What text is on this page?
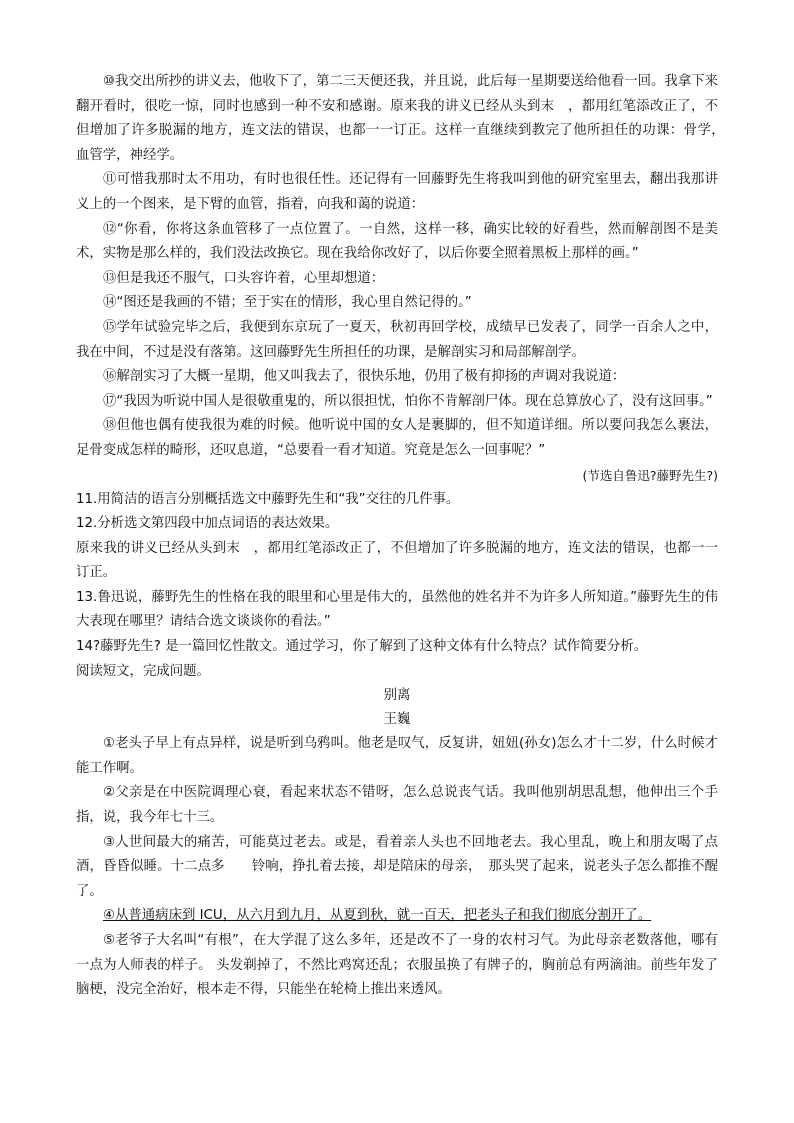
⑩我交出所抄的讲义去，他收下了，第二三天便还我，并且说，此后每一星期要送给他看一回。我拿下来翻开看时，很吃一惊，同时也感到一种不安和感谢。原来我的讲义已经从头到末　，都用红笔添改正了，不但增加了许多脱漏的地方，连文法的错误，也都一一订正。这样一直继续到教完了他所担任的功课：骨学，　血管学，神经学。

⑪可惜我那时太不用功，有时也很任性。还记得有一回藤野先生将我叫到他的研究室里去，翻出我那讲义上的一个图来，是下臂的血管，指着，向我和蔼的说道：

⑫“你看，你将这条血管移了一点位置了。一自然，这样一移，确实比较的好看些，然而解剖图不是美术，实物是那么样的，我们没法改换它。现在我给你改好了，以后你要全照着黑板上那样的画。”

⑬但是我还不服气，口头容许着，心里却想道：

⑭“图还是我画的不错；至于实在的情形，我心里自然记得的。”

⑮学年试验完毕之后，我便到东京玩了一夏天，秋初再回学校，成绩早已发表了，同学一百余人之中，我在中间，不过是没有落第。这回藤野先生所担任的功课，是解剖实习和局部解剖学。

⑯解剖实习了大概一星期，他又叫我去了，很快乐地，仍用了极有抑扬的声调对我说道：

⑰“我因为听说中国人是很敬重鬼的，所以很担忧，怕你不肯解剖尸体。现在总算放心了，没有这回事。”

⑱但他也偶有使我很为难的时候。他听说中国的女人是裹脚的，但不知道详细。所以要问我怎么裹法，足骨变成怎样的畸形，还叹息道，“总要看一看才知道。究竟是怎么一回事呢？”

(节选自鲁迅?藤野先生?)

11.用简洁的语言分别概括选文中藤野先生和“我”交往的几件事。

12.分析选文第四段中加点词语的表达效果。

原来我的讲义已经从头到末　，都用红笔添改正了，不但增加了许多脱漏的地方，连文法的错误，也都一一订正。

13.鲁迅说，藤野先生的性格在我的眼里和心里是伟大的，虽然他的姓名并不为许多人所知道。”藤野先生的伟大表现在哪里？请结合选文谈谈你的看法。”

14?藤野先生? 是一篇回忆性散文。通过学习，你了解到了这种文体有什么特点？试作简要分析。

阅读短文，完成问题。

别离

王巍

①老头子早上有点异样，说是听到乌鸦叫。他老是叹气，反复讲，妞妞(孙女)怎么才十二岁，什么时候才能工作啊。

②父亲是在中医院调理心衰，看起来状态不错呀，怎么总说丧气话。我叫他别胡思乱想，他伸出三个手指，说，我今年七十三。

③人世间最大的痛苦，可能莫过老去。或是，看着亲人头也不回地老去。我心里乱，晚上和朋友喝了点酒，昏昏似睡。十二点多　　铃响，挣扎着去接，却是陪床的母亲，　那头哭了起来，说老头子怎么都推不醒了。

④从普通病床到 ICU，从六月到九月，从夏到秋，就一百天，把老头子和我们彻底分割开了。

⑤老爷子大名叫“有根”，在大学混了这么多年，还是改不了一身的农村习气。为此母亲老数落他，哪有一点为人师表的样子。 头发剃掉了，不然比鸡窝还乱；衣服虽换了有牌子的，胸前总有两滴油。前些年发了脑梗，没完全治好，根本走不得，只能坐在轮椅上推出来透风。
